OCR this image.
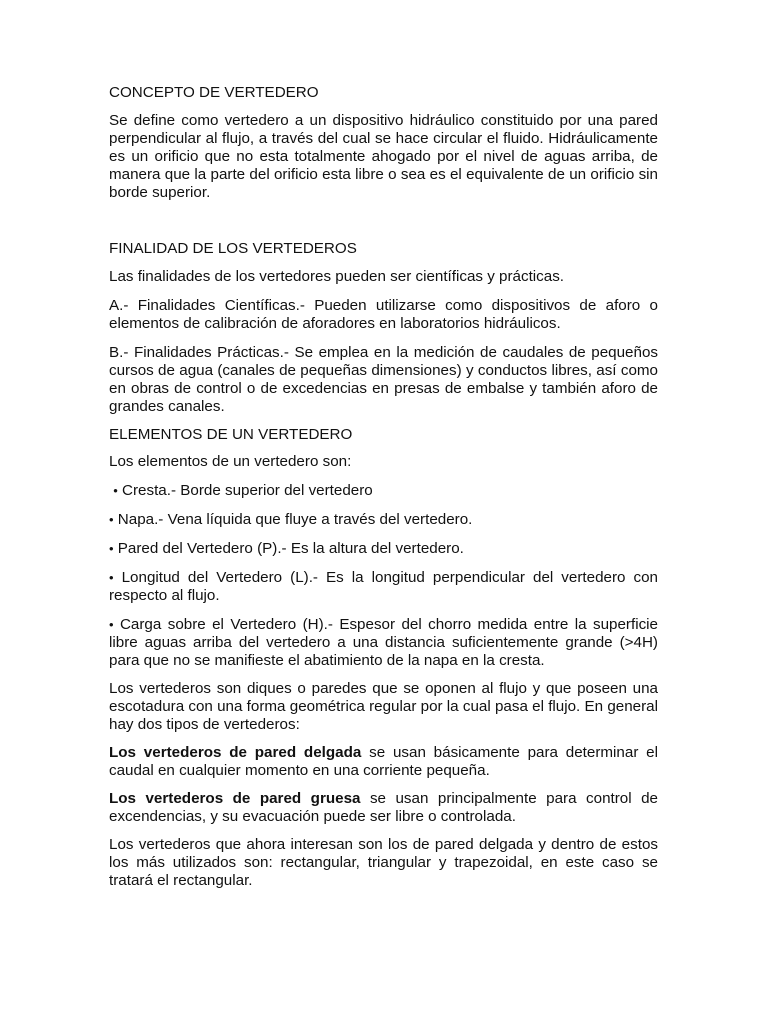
CONCEPTO DE VERTEDERO

Se define como vertedero a un dispositivo hidráulico constituido por una pared perpendicular al flujo, a través del cual se hace circular el fluido. Hidráulicamente es un orificio que no esta totalmente ahogado por el nivel de aguas arriba, de manera que la parte del orificio esta libre o sea es el equivalente de un orificio sin borde superior.

FINALIDAD DE LOS VERTEDEROS

Las finalidades de los vertedores pueden ser científicas y prácticas.

A.- Finalidades Científicas.- Pueden utilizarse como dispositivos de aforo o elementos de calibración de aforadores en laboratorios hidráulicos.

B.- Finalidades Prácticas.- Se emplea en la medición de caudales de pequeños cursos de agua (canales de pequeñas dimensiones) y conductos libres, así como en obras de control o de excedencias en presas de embalse y también aforo de grandes canales.

ELEMENTOS DE UN VERTEDERO

Los elementos de un vertedero son:

• Cresta.- Borde superior del vertedero

• Napa.- Vena líquida que fluye a través del vertedero.

• Pared del Vertedero (P).- Es la altura del vertedero.

• Longitud del Vertedero (L).- Es la longitud perpendicular del vertedero con respecto al flujo.

• Carga sobre el Vertedero (H).- Espesor del chorro medida entre la superficie libre aguas arriba del vertedero a una distancia suficientemente grande (>4H) para que no se manifieste el abatimiento de la napa en la cresta.

Los vertederos son diques o paredes que se oponen al flujo y que poseen una escotadura con una forma geométrica regular por la cual pasa el flujo. En general hay dos tipos de vertederos:

Los vertederos de pared delgada se usan básicamente para determinar el caudal en cualquier momento en una corriente pequeña.

Los vertederos de pared gruesa se usan principalmente para control de excendencias, y su evacuación puede ser libre o controlada.

Los vertederos que ahora interesan son los de pared delgada y dentro de estos los más utilizados son: rectangular, triangular y trapezoidal, en este caso se tratará el rectangular.
